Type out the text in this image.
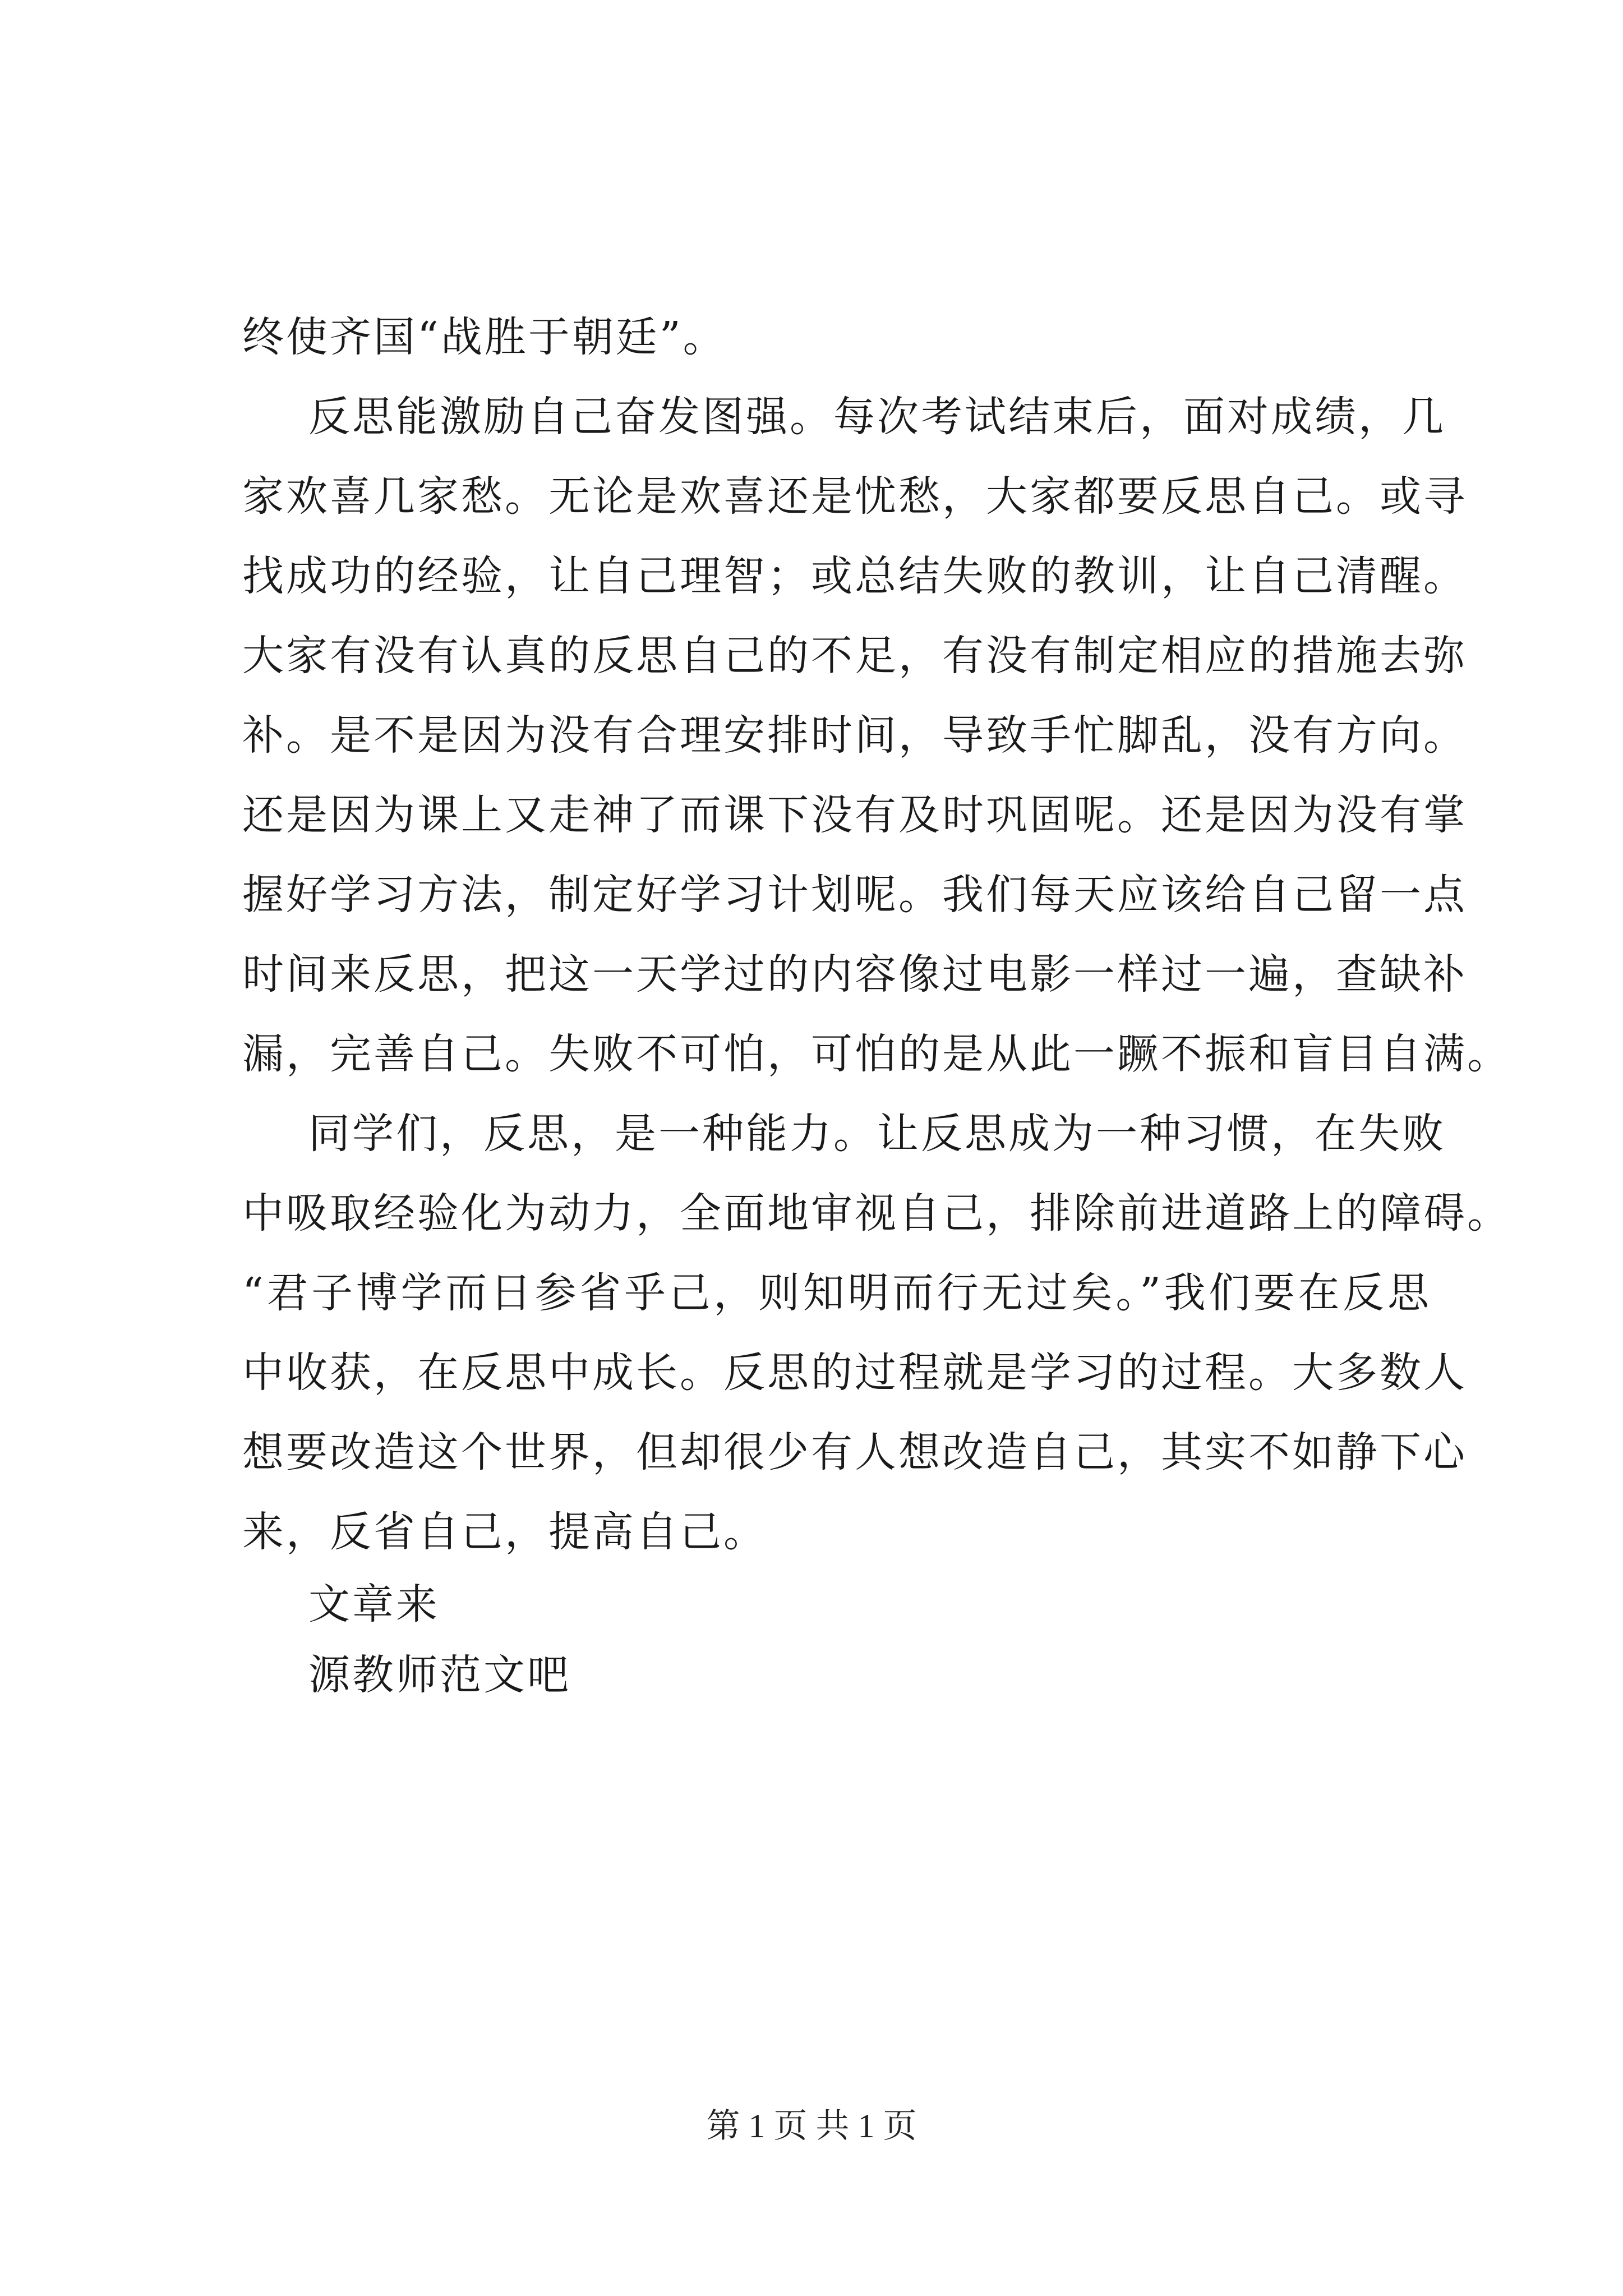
终使齐国“战胜于朝廷”。
反思能激励自己奋发图强。每次考试结束后，面对成绩，几
家欢喜几家愁。无论是欢喜还是忧愁，大家都要反思自己。或寻
找成功的经验，让自己理智；或总结失败的教训，让自己清醒。
大家有没有认真的反思自己的不足，有没有制定相应的措施去弥
补。是不是因为没有合理安排时间，导致手忙脚乱，没有方向。
还是因为课上又走神了而课下没有及时巩固呢。还是因为没有掌
握好学习方法，制定好学习计划呢。我们每天应该给自己留一点
时间来反思，把这一天学过的内容像过电影一样过一遍，查缺补
漏，完善自己。失败不可怕，可怕的是从此一蹶不振和盲目自满。
同学们，反思，是一种能力。让反思成为一种习惯，在失败
中吸取经验化为动力，全面地审视自己，排除前进道路上的障碍。
“君子博学而日参省乎己，则知明而行无过矣。”我们要在反思
中收获，在反思中成长。反思的过程就是学习的过程。大多数人
想要改造这个世界，但却很少有人想改造自己，其实不如静下心
来，反省自己，提高自己。
文章来
源教师范文吧
第 1 页 共 1 页
